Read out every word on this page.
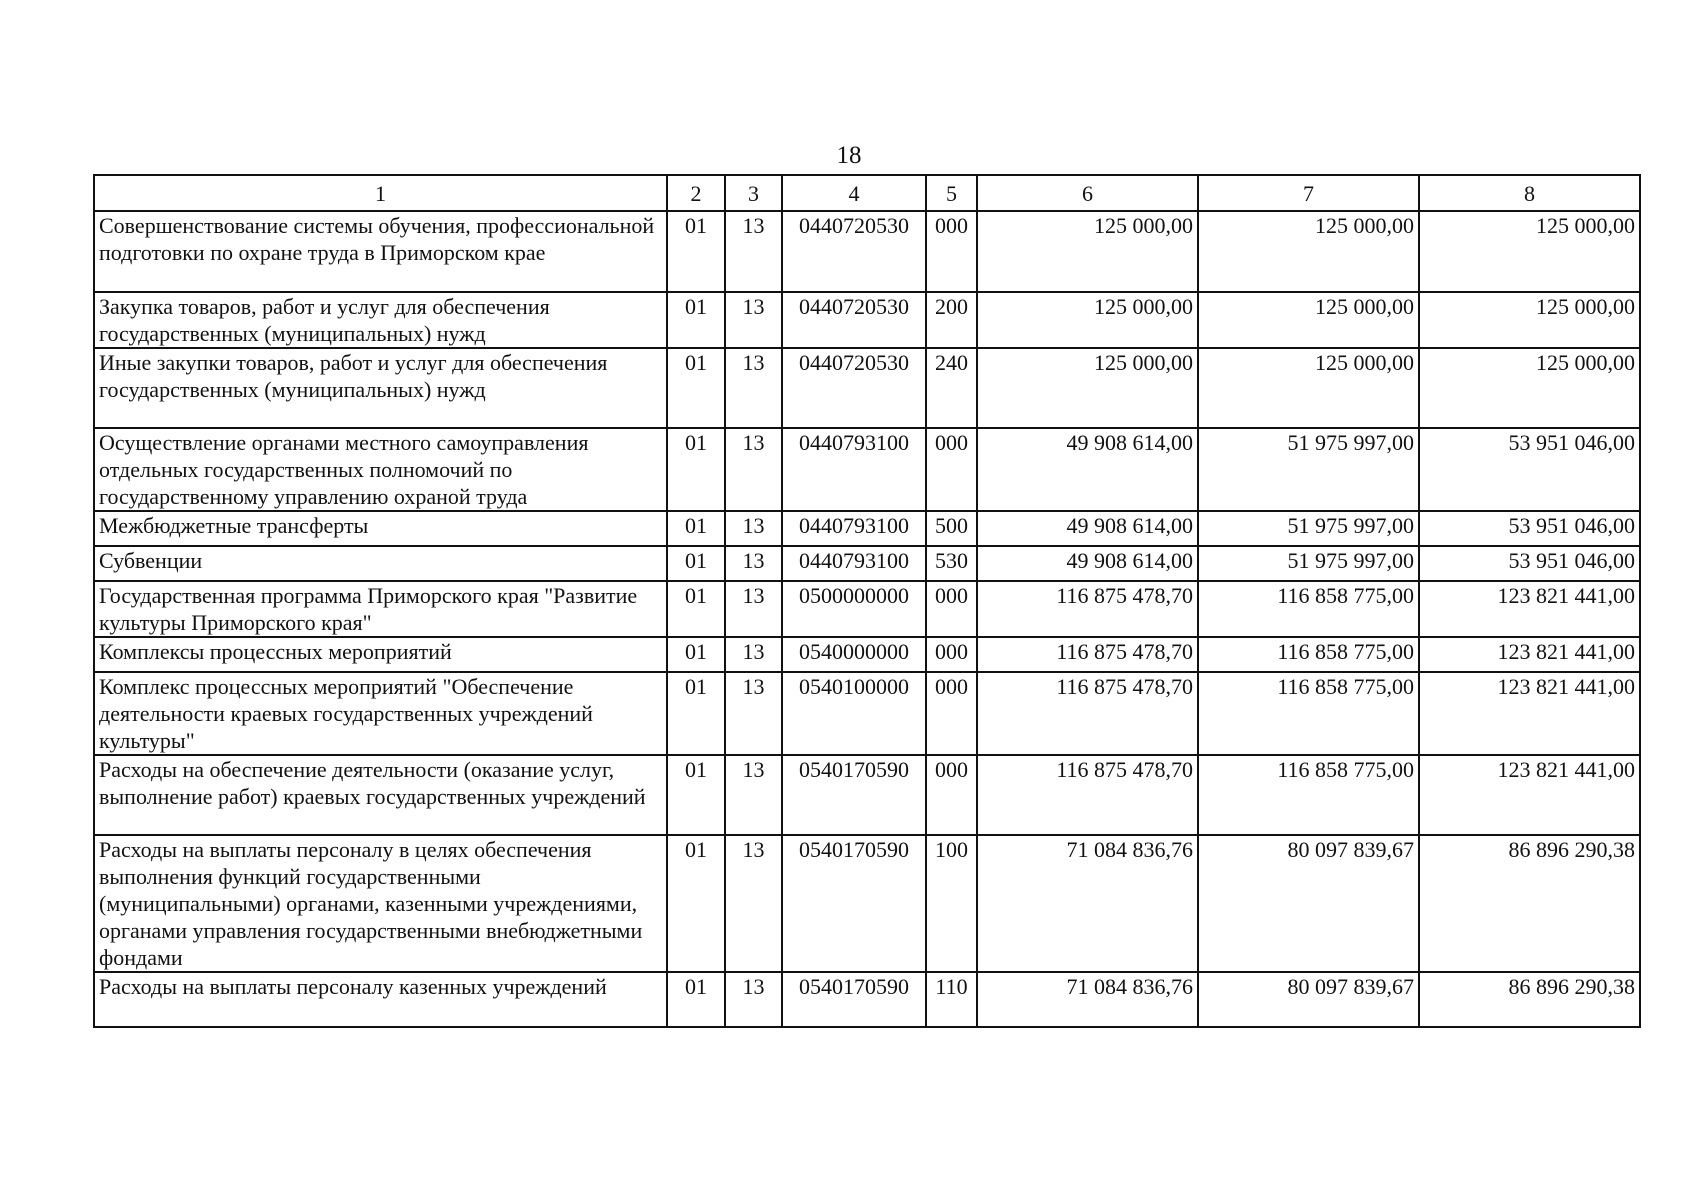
18
1	2	3	4	5	6	7	8
Совершенствование системы обучения, профессиональной подготовки по охране труда в Приморском крае	01	13	0440720530	000	125 000,00	125 000,00	125 000,00
Закупка товаров, работ и услуг для обеспечения государственных (муниципальных) нужд	01	13	0440720530	200	125 000,00	125 000,00	125 000,00
Иные закупки товаров, работ и услуг для обеспечения государственных (муниципальных) нужд	01	13	0440720530	240	125 000,00	125 000,00	125 000,00
Осуществление органами местного самоуправления отдельных государственных полномочий по государственному управлению охраной труда	01	13	0440793100	000	49 908 614,00	51 975 997,00	53 951 046,00
Межбюджетные трансферты	01	13	0440793100	500	49 908 614,00	51 975 997,00	53 951 046,00
Субвенции	01	13	0440793100	530	49 908 614,00	51 975 997,00	53 951 046,00
Государственная программа Приморского края "Развитие культуры Приморского края"	01	13	0500000000	000	116 875 478,70	116 858 775,00	123 821 441,00
Комплексы процессных мероприятий	01	13	0540000000	000	116 875 478,70	116 858 775,00	123 821 441,00
Комплекс процессных мероприятий "Обеспечение деятельности краевых государственных учреждений культуры"	01	13	0540100000	000	116 875 478,70	116 858 775,00	123 821 441,00
Расходы на обеспечение деятельности (оказание услуг, выполнение работ) краевых государственных учреждений	01	13	0540170590	000	116 875 478,70	116 858 775,00	123 821 441,00
Расходы на выплаты персоналу в целях обеспечения выполнения функций государственными (муниципальными) органами, казенными учреждениями, органами управления государственными внебюджетными фондами	01	13	0540170590	100	71 084 836,76	80 097 839,67	86 896 290,38
Расходы на выплаты персоналу казенных учреждений	01	13	0540170590	110	71 084 836,76	80 097 839,67	86 896 290,38
